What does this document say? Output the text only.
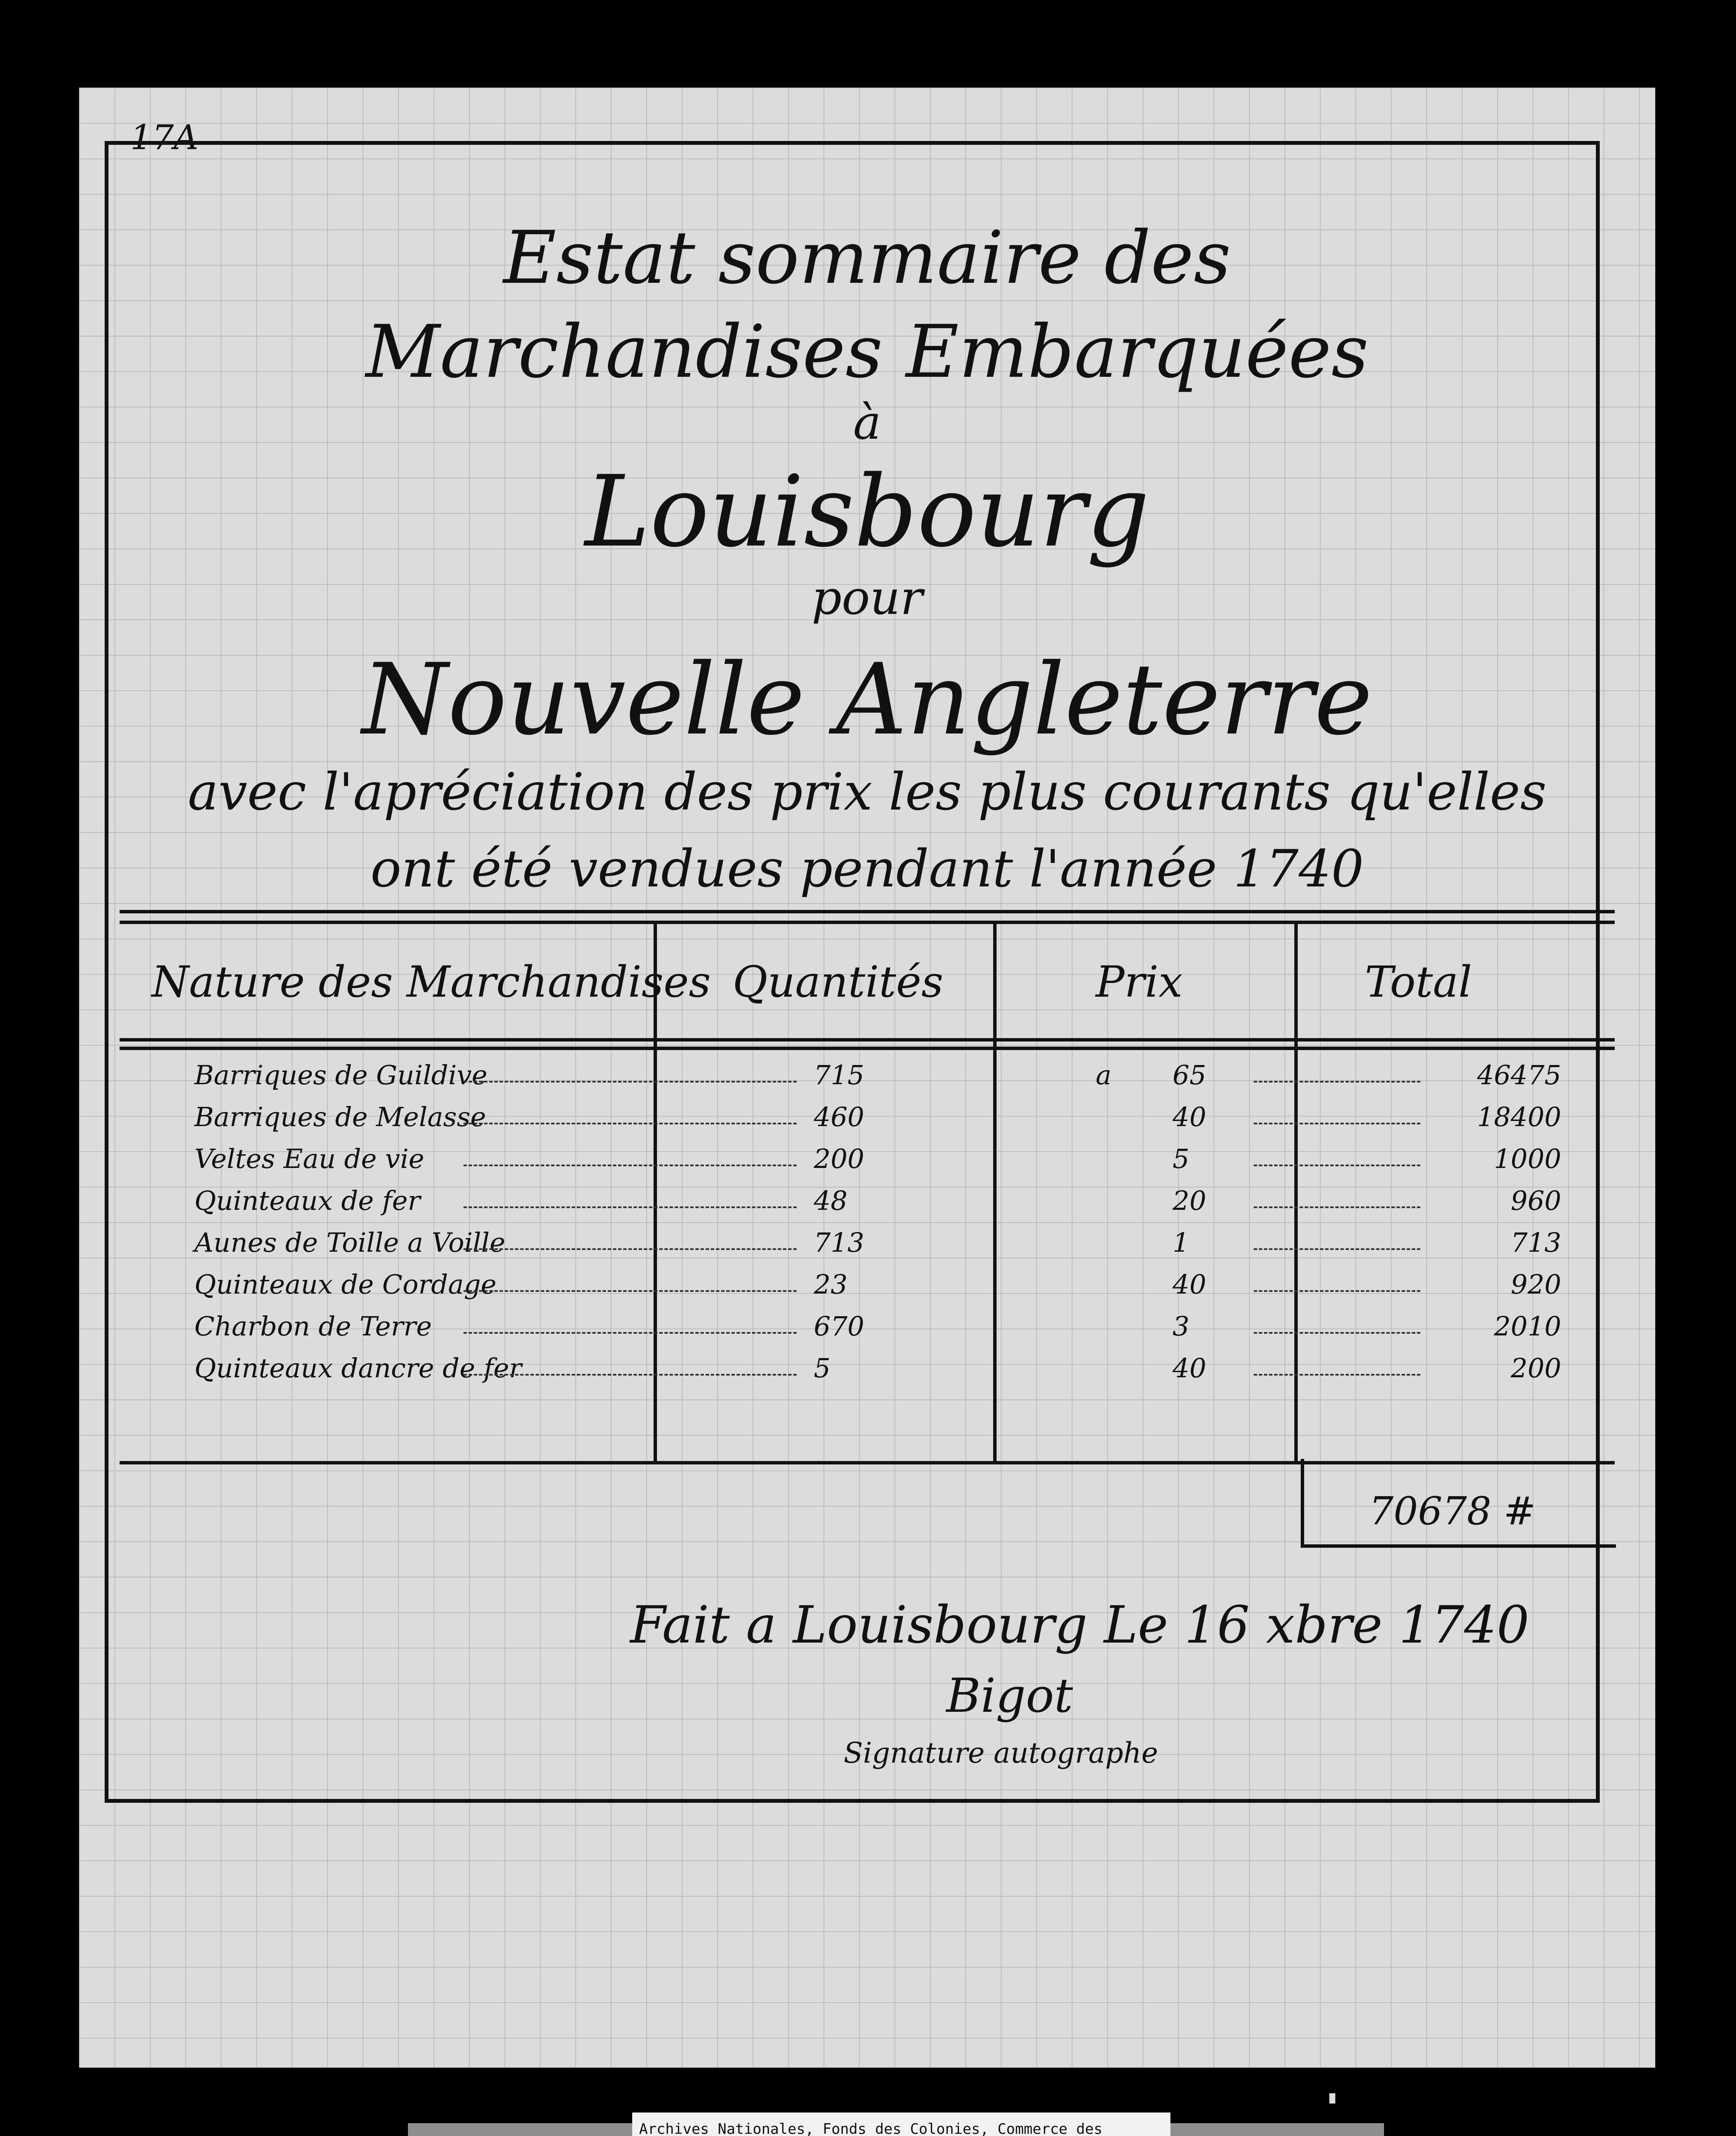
17A
Estat sommaire des
Marchandises Embarquées
à
Louisbourg
pour
Nouvelle Angleterre
avec l'apréciation des prix les plus courants qu'elles
ont été vendues pendant l'année 1740
Nature des Marchandises Quantités	Prix	Total
Barriques de Guildive	715	a	65	46475
Barriques de Melasse	460	40	18400
Veltes Eau de vie	200	5	1000
Quinteaux de fer	48	20	960
Aunes de Toille a Voille	713	1	713
Quinteaux de Cordage	23	40	920
Charbon de Terre	670	3	2010
Quinteaux dancre de fer	5	40	200
70678 #
Fait a Louisbourg Le 16 xbre 1740
Bigot
Signature autographe
Archives Nationales, Fonds des Colonies, Commerce des
